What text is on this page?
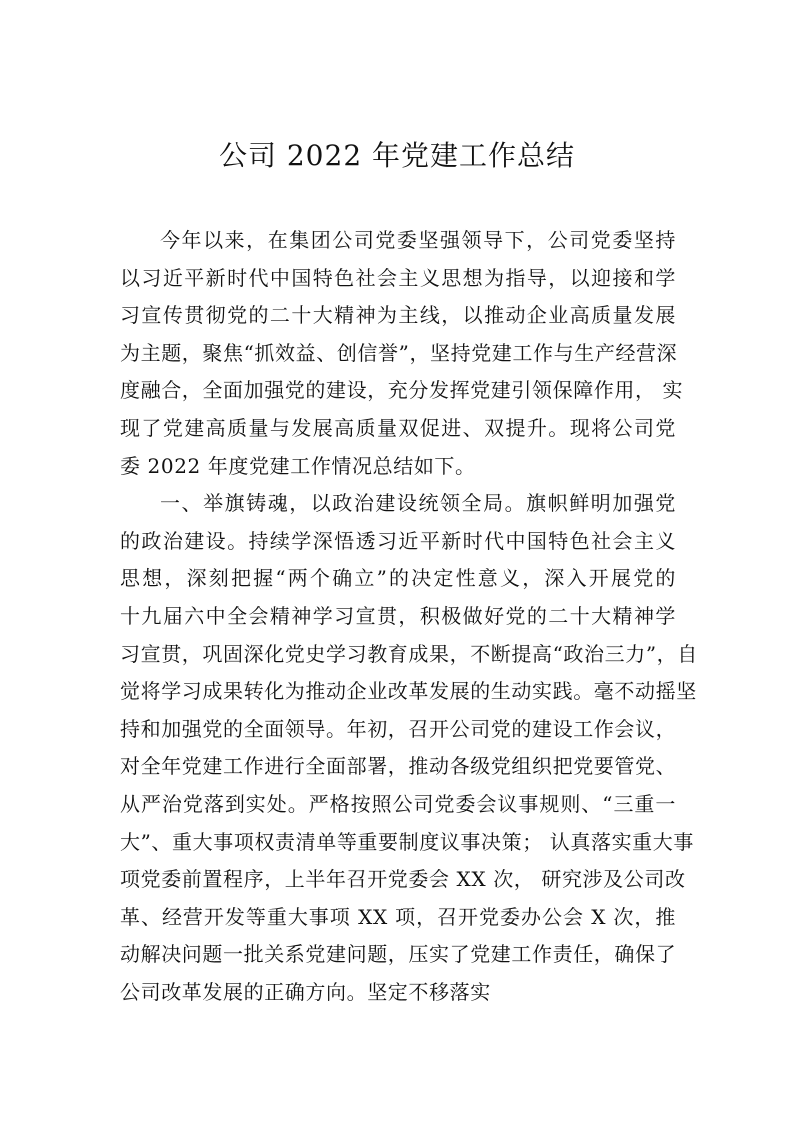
公司 2022 年党建工作总结
今年以来，在集团公司党委坚强领导下，公司党委坚持
以习近平新时代中国特色社会主义思想为指导，以迎接和学
习宣传贯彻党的二十大精神为主线，以推动企业高质量发展
为主题，聚焦“抓效益、创信誉”，坚持党建工作与生产经营深
度融合，全面加强党的建设，充分发挥党建引领保障作用， 实
现了党建高质量与发展高质量双促进、双提升。现将公司党
委 2022 年度党建工作情况总结如下。
一、举旗铸魂，以政治建设统领全局。旗帜鲜明加强党
的政治建设。持续学深悟透习近平新时代中国特色社会主义
思想，深刻把握“两个确立”的决定性意义，深入开展党的
十九届六中全会精神学习宣贯，积极做好党的二十大精神学
习宣贯，巩固深化党史学习教育成果，不断提高“政治三力”，自
觉将学习成果转化为推动企业改革发展的生动实践。毫不动摇坚
持和加强党的全面领导。年初，召开公司党的建设工作会议，
对全年党建工作进行全面部署，推动各级党组织把党要管党、
从严治党落到实处。严格按照公司党委会议事规则、“三重一
大”、重大事项权责清单等重要制度议事决策； 认真落实重大事
项党委前置程序，上半年召开党委会 XX 次， 研究涉及公司改
革、经营开发等重大事项 XX 项，召开党委办公会 X 次，推
动解决问题一批关系党建问题，压实了党建工作责任，确保了
公司改革发展的正确方向。坚定不移落实
